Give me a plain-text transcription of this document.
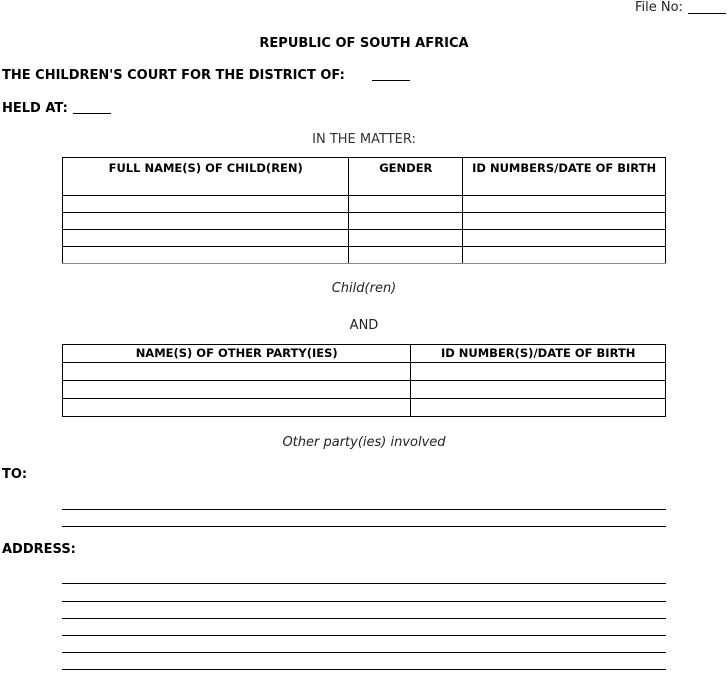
File No:
REPUBLIC OF SOUTH AFRICA
THE CHILDREN'S COURT FOR THE DISTRICT OF:
HELD AT:
IN THE MATTER:
FULL NAME(S) OF CHILD(REN)	GENDER	ID NUMBERS/DATE OF BIRTH

Child(ren)
AND
NAME(S) OF OTHER PARTY(IES)	ID NUMBER(S)/DATE OF BIRTH

Other party(ies) involved
TO:
ADDRESS:
